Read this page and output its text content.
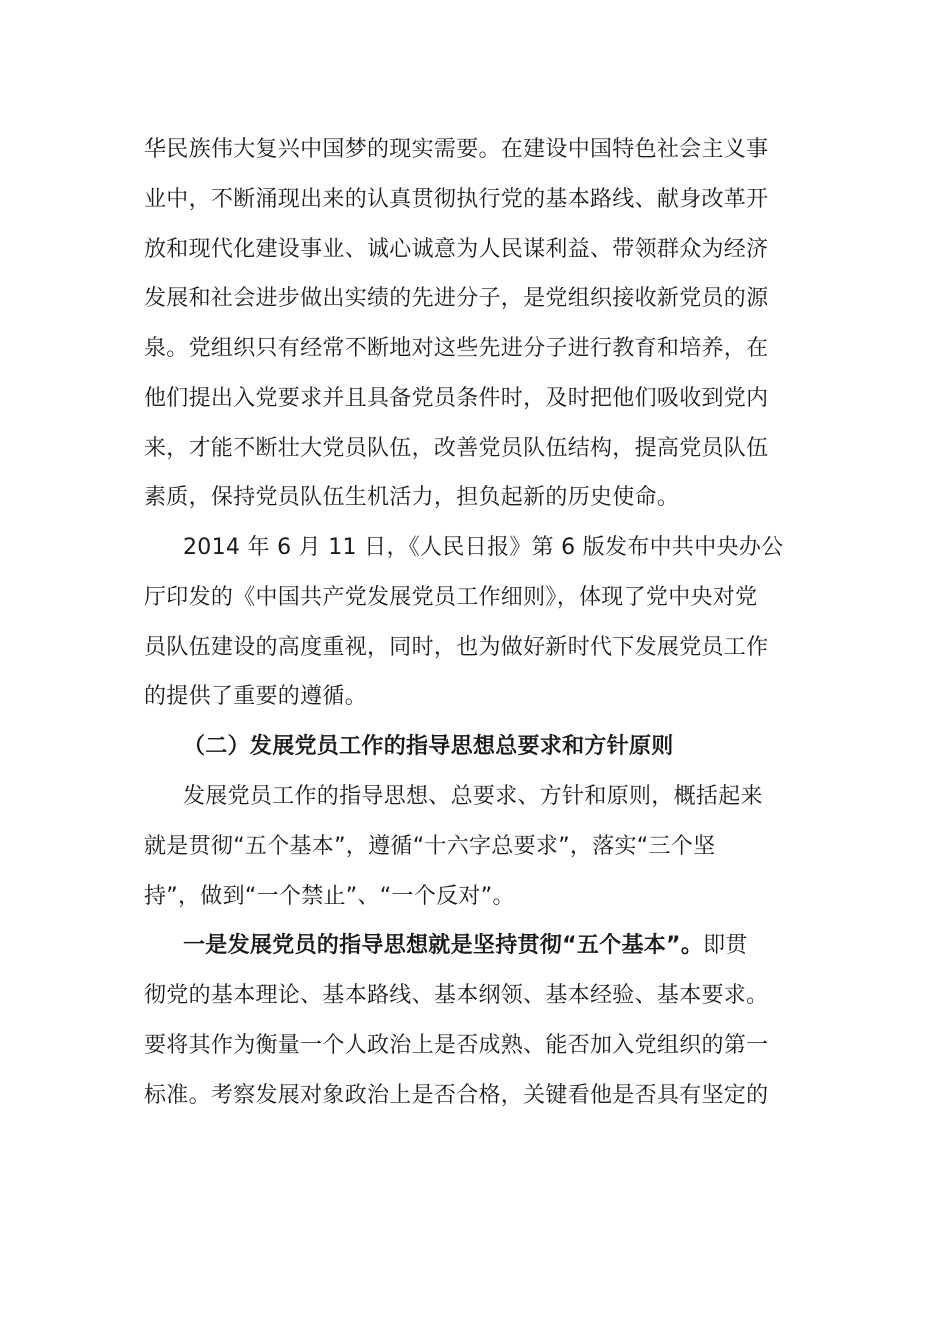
华民族伟大复兴中国梦的现实需要。在建设中国特色社会主义事
业中，不断涌现出来的认真贯彻执行党的基本路线、献身改革开
放和现代化建设事业、诚心诚意为人民谋利益、带领群众为经济
发展和社会进步做出实绩的先进分子，是党组织接收新党员的源
泉。党组织只有经常不断地对这些先进分子进行教育和培养，在
他们提出入党要求并且具备党员条件时，及时把他们吸收到党内
来，才能不断壮大党员队伍，改善党员队伍结构，提高党员队伍
素质，保持党员队伍生机活力，担负起新的历史使命。
2014 年 6 月 11 日，《人民日报》第 6 版发布中共中央办公
厅印发的《中国共产党发展党员工作细则》，体现了党中央对党
员队伍建设的高度重视，同时，也为做好新时代下发展党员工作
的提供了重要的遵循。
（二）发展党员工作的指导思想总要求和方针原则
发展党员工作的指导思想、总要求、方针和原则，概括起来
就是贯彻“五个基本”，遵循“十六字总要求”，落实“三个坚
持”，做到“一个禁止”、“一个反对”。
一是发展党员的指导思想就是坚持贯彻“五个基本”。即贯
彻党的基本理论、基本路线、基本纲领、基本经验、基本要求。
要将其作为衡量一个人政治上是否成熟、能否加入党组织的第一
标准。考察发展对象政治上是否合格，关键看他是否具有坚定的
